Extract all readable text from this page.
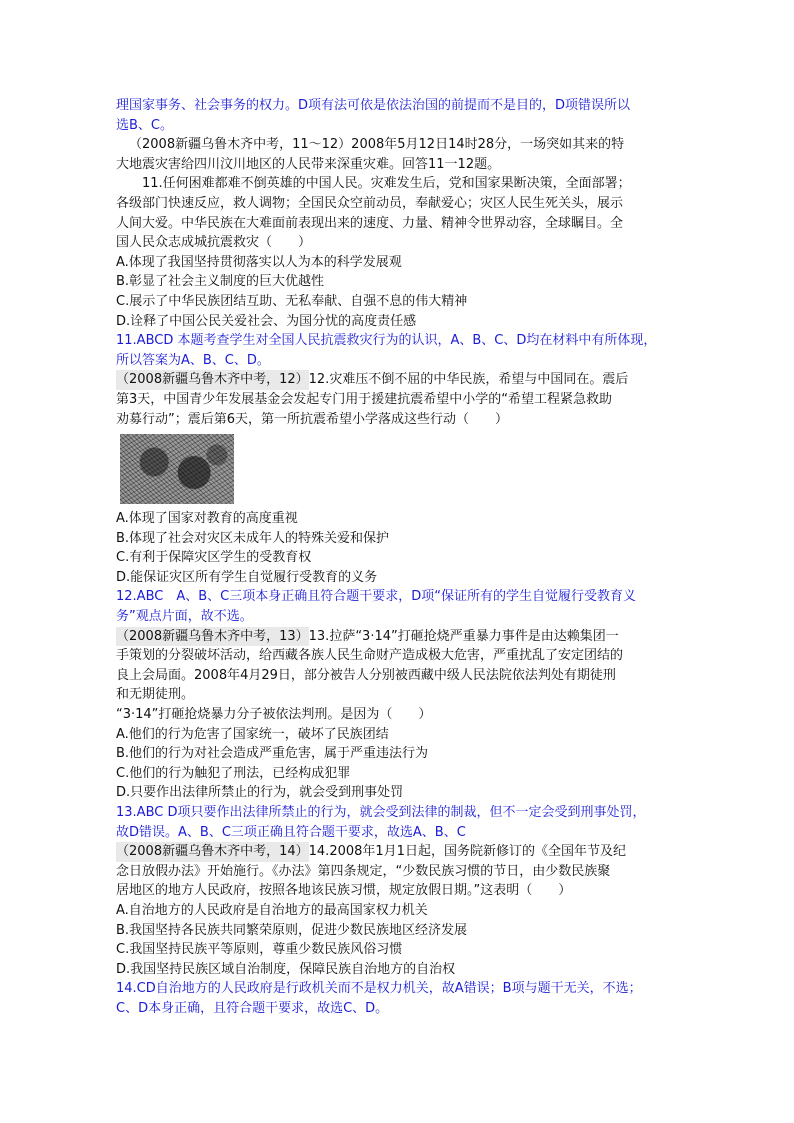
理国家事务、社会事务的权力。D项有法可依是依法治国的前提而不是目的，D项错误所以

选B、C。

（2008新疆乌鲁木齐中考，11～12）2008年5月12日14时28分，一场突如其来的特

大地震灾害给四川汶川地区的人民带来深重灾难。回答11一12题。

11.任何困难都难不倒英雄的中国人民。灾难发生后，党和国家果断决策，全面部署；

各级部门快速反应，救人调物；全国民众空前动员，奉献爱心；灾区人民生死关头，展示

人间大爱。中华民族在大难面前表现出来的速度、力量、精神令世界动容，全球瞩目。全

国人民众志成城抗震救灾（　　）

A.体现了我国坚持贯彻落实以人为本的科学发展观

B.彰显了社会主义制度的巨大优越性

C.展示了中华民族团结互助、无私奉献、自强不息的伟大精神

D.诠释了中国公民关爱社会、为国分忧的高度责任感

11.ABCD 本题考查学生对全国人民抗震救灾行为的认识，A、B、C、D均在材料中有所体现，

所以答案为A、B、C、D。

（2008新疆乌鲁木齐中考，12）12.灾难压不倒不屈的中华民族，希望与中国同在。震后

第3天，中国青少年发展基金会发起专门用于援建抗震希望中小学的“希望工程紧急救助

劝募行动”；震后第6天，第一所抗震希望小学落成这些行动（　　）

A.体现了国家对教育的高度重视

B.体现了社会对灾区未成年人的特殊关爱和保护

C.有利于保障灾区学生的受教育权

D.能保证灾区所有学生自觉履行受教育的义务

12.ABC　A、B、C三项本身正确且符合题干要求，D项“保证所有的学生自觉履行受教育义

务”观点片面，故不选。

（2008新疆乌鲁木齐中考，13）13.拉萨“3·14”打砸抢烧严重暴力事件是由达赖集团一

手策划的分裂破坏活动，给西藏各族人民生命财产造成极大危害，严重扰乱了安定团结的

良上会局面。2008年4月29日，部分被告人分别被西藏中级人民法院依法判处有期徒刑

和无期徒刑。

“3·14”打砸抢烧暴力分子被依法判刑。是因为（　　）

A.他们的行为危害了国家统一，破坏了民族团结

B.他们的行为对社会造成严重危害，属于严重违法行为

C.他们的行为触犯了刑法，已经构成犯罪

D.只要作出法律所禁止的行为，就会受到刑事处罚

13.ABC D项只要作出法律所禁止的行为，就会受到法律的制裁，但不一定会受到刑事处罚，

故D错误。A、B、C三项正确且符合题干要求，故选A、B、C

（2008新疆乌鲁木齐中考，14）14.2008年1月1日起，国务院新修订的《全国年节及纪

念日放假办法》开始施行。《办法》第四条规定，“少数民族习惯的节日，由少数民族聚

居地区的地方人民政府，按照各地该民族习惯，规定放假日期。”这表明（　　）

A.自治地方的人民政府是自治地方的最高国家权力机关

B.我国坚持各民族共同繁荣原则，促进少数民族地区经济发展

C.我国坚持民族平等原则，尊重少数民族风俗习惯

D.我国坚持民族区域自治制度，保障民族自治地方的自治权

14.CD自治地方的人民政府是行政机关而不是权力机关，故A错误；B项与题干无关，不选；

C、D本身正确，且符合题干要求，故选C、D。
